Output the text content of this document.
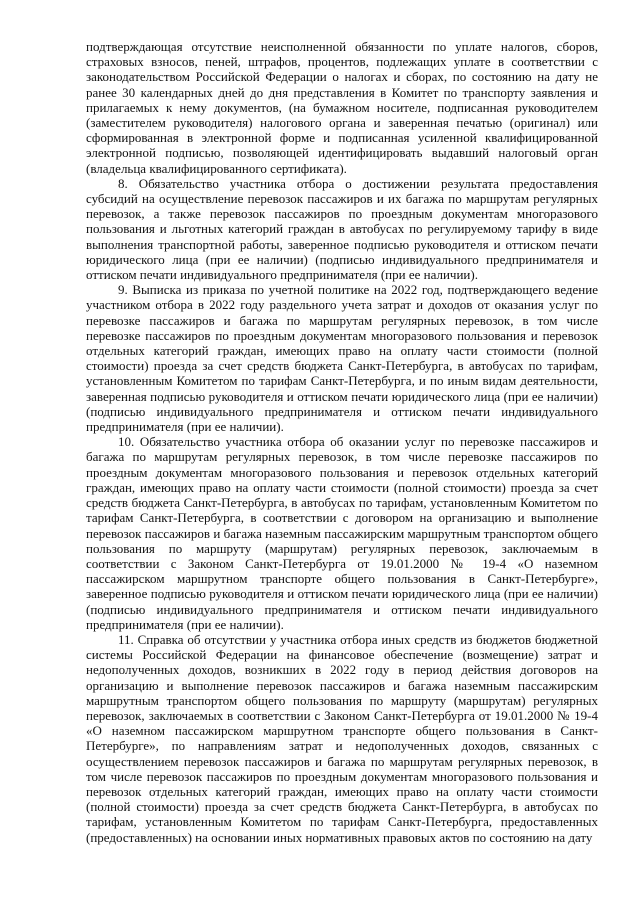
подтверждающая отсутствие неисполненной обязанности по уплате налогов, сборов, страховых взносов, пеней, штрафов, процентов, подлежащих уплате в соответствии с законодательством Российской Федерации о налогах и сборах, по состоянию на дату не ранее 30 календарных дней до дня представления в Комитет по транспорту заявления и прилагаемых к нему документов, (на бумажном носителе, подписанная руководителем (заместителем руководителя) налогового органа и заверенная печатью (оригинал) или сформированная в электронной форме и подписанная усиленной квалифицированной электронной подписью, позволяющей идентифицировать выдавший налоговый орган (владельца квалифицированного сертификата).

8. Обязательство участника отбора о достижении результата предоставления субсидий на осуществление перевозок пассажиров и их багажа по маршрутам регулярных перевозок, а также перевозок пассажиров по проездным документам многоразового пользования и льготных категорий граждан в автобусах по регулируемому тарифу в виде выполнения транспортной работы, заверенное подписью руководителя и оттиском печати юридического лица (при ее наличии) (подписью индивидуального предпринимателя и оттиском печати индивидуального предпринимателя (при ее наличии).

9. Выписка из приказа по учетной политике на 2022 год, подтверждающего ведение участником отбора в 2022 году раздельного учета затрат и доходов от оказания услуг по перевозке пассажиров и багажа по маршрутам регулярных перевозок, в том числе перевозке пассажиров по проездным документам многоразового пользования и перевозок отдельных категорий граждан, имеющих право на оплату части стоимости (полной стоимости) проезда за счет средств бюджета Санкт-Петербурга, в автобусах по тарифам, установленным Комитетом по тарифам Санкт-Петербурга, и по иным видам деятельности, заверенная подписью руководителя и оттиском печати юридического лица (при ее наличии) (подписью индивидуального предпринимателя и оттиском печати индивидуального предпринимателя (при ее наличии).

10. Обязательство участника отбора об оказании услуг по перевозке пассажиров и багажа по маршрутам регулярных перевозок, в том числе перевозке пассажиров по проездным документам многоразового пользования и перевозок отдельных категорий граждан, имеющих право на оплату части стоимости (полной стоимости) проезда за счет средств бюджета Санкт-Петербурга, в автобусах по тарифам, установленным Комитетом по тарифам Санкт-Петербурга, в соответствии с договором на организацию и выполнение перевозок пассажиров и багажа наземным пассажирским маршрутным транспортом общего пользования по маршруту (маршрутам) регулярных перевозок, заключаемым в соответствии с Законом Санкт-Петербурга от 19.01.2000 № 19-4 «О наземном пассажирском маршрутном транспорте общего пользования в Санкт-Петербурге», заверенное подписью руководителя и оттиском печати юридического лица (при ее наличии) (подписью индивидуального предпринимателя и оттиском печати индивидуального предпринимателя (при ее наличии).

11. Справка об отсутствии у участника отбора иных средств из бюджетов бюджетной системы Российской Федерации на финансовое обеспечение (возмещение) затрат и недополученных доходов, возникших в 2022 году в период действия договоров на организацию и выполнение перевозок пассажиров и багажа наземным пассажирским маршрутным транспортом общего пользования по маршруту (маршрутам) регулярных перевозок, заключаемых в соответствии с Законом Санкт-Петербурга от 19.01.2000 № 19-4 «О наземном пассажирском маршрутном транспорте общего пользования в Санкт-Петербурге», по направлениям затрат и недополученных доходов, связанных с осуществлением перевозок пассажиров и багажа по маршрутам регулярных перевозок, в том числе перевозок пассажиров по проездным документам многоразового пользования и перевозок отдельных категорий граждан, имеющих право на оплату части стоимости (полной стоимости) проезда за счет средств бюджета Санкт-Петербурга, в автобусах по тарифам, установленным Комитетом по тарифам Санкт-Петербурга, предоставленных (предоставленных) на основании иных нормативных правовых актов по состоянию на дату
